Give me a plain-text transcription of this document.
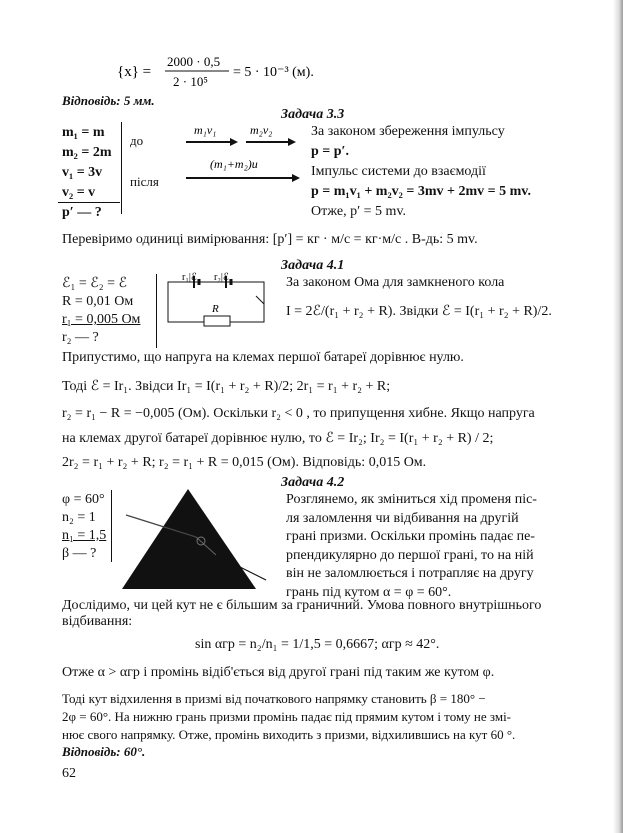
{x} =
2000 · 0,5
2 · 10⁵
= 5 · 10⁻³ (м).
Відповідь: 5 мм.
Задача 3.3
m₁ = m
m₂ = 2m
v₁ = 3v
v₂ = v
p′ — ?
до
після
m₁v₁	m₂v₂
(m₁+m₂)u
За законом збереження імпульсу
p = p′.
Імпульс системи до взаємодії
p = m₁v₁ + m₂v₂ = 3mv + 2mv = 5 mv.
Отже, p′ = 5 mv.
Перевіримо одиниці вимірювання: [p′] = кг · м/с = кг·м/с . В-дь: 5 mv.
Задача 4.1
ℰ₁ = ℰ₂ = ℰ
R = 0,01 Ом
r₁ = 0,005 Ом
r₂ — ?
r₁|ℰ r₂|ℰ
R
За законом Ома для замкненого кола
I = 2ℰ/(r₁ + r₂ + R). Звідки ℰ = I(r₁ + r₂ + R)/2.
Припустимо, що напруга на клемах першої батареї дорівнює нулю.
Тоді ℰ = Ir₁. Звідси Ir₁ = I(r₁ + r₂ + R)/2; 2r₁ = r₁ + r₂ + R;
r₂ = r₁ − R = −0,005 (Ом). Оскільки r₂ < 0 , то припущення хибне. Якщо напруга
на клемах другої батареї дорівнює нулю, то ℰ = Ir₂; Ir₂ = I(r₁ + r₂ + R) / 2;
2r₂ = r₁ + r₂ + R; r₂ = r₁ + R = 0,015 (Ом). Відповідь: 0,015 Ом.
Задача 4.2
φ = 60°
n₂ = 1
n₁ = 1,5
β — ?
Розглянемо, як зміниться хід променя піс-
ля заломлення чи відбивання на другій
грані призми. Оскільки промінь падає пе-
рпендикулярно до першої грані, то на ній
він не заломлюється і потрапляє на другу
грань під кутом α = φ = 60°.
Дослідимо, чи цей кут не є більшим за граничний. Умова повного внутрішнього
відбивання:
sin αгр = n₂/n₁ = 1/1,5 = 0,6667; αгр ≈ 42°.
Отже α > αгр і промінь відіб'ється від другої грані під таким же кутом φ.
Тоді кут відхилення в призмі від початкового напрямку становить β = 180° −
2φ = 60°. На нижню грань призми промінь падає під прямим кутом і тому не змі-
нює свого напрямку. Отже, промінь виходить з призми, відхилившись на кут 60 °.
Відповідь: 60°.
62
